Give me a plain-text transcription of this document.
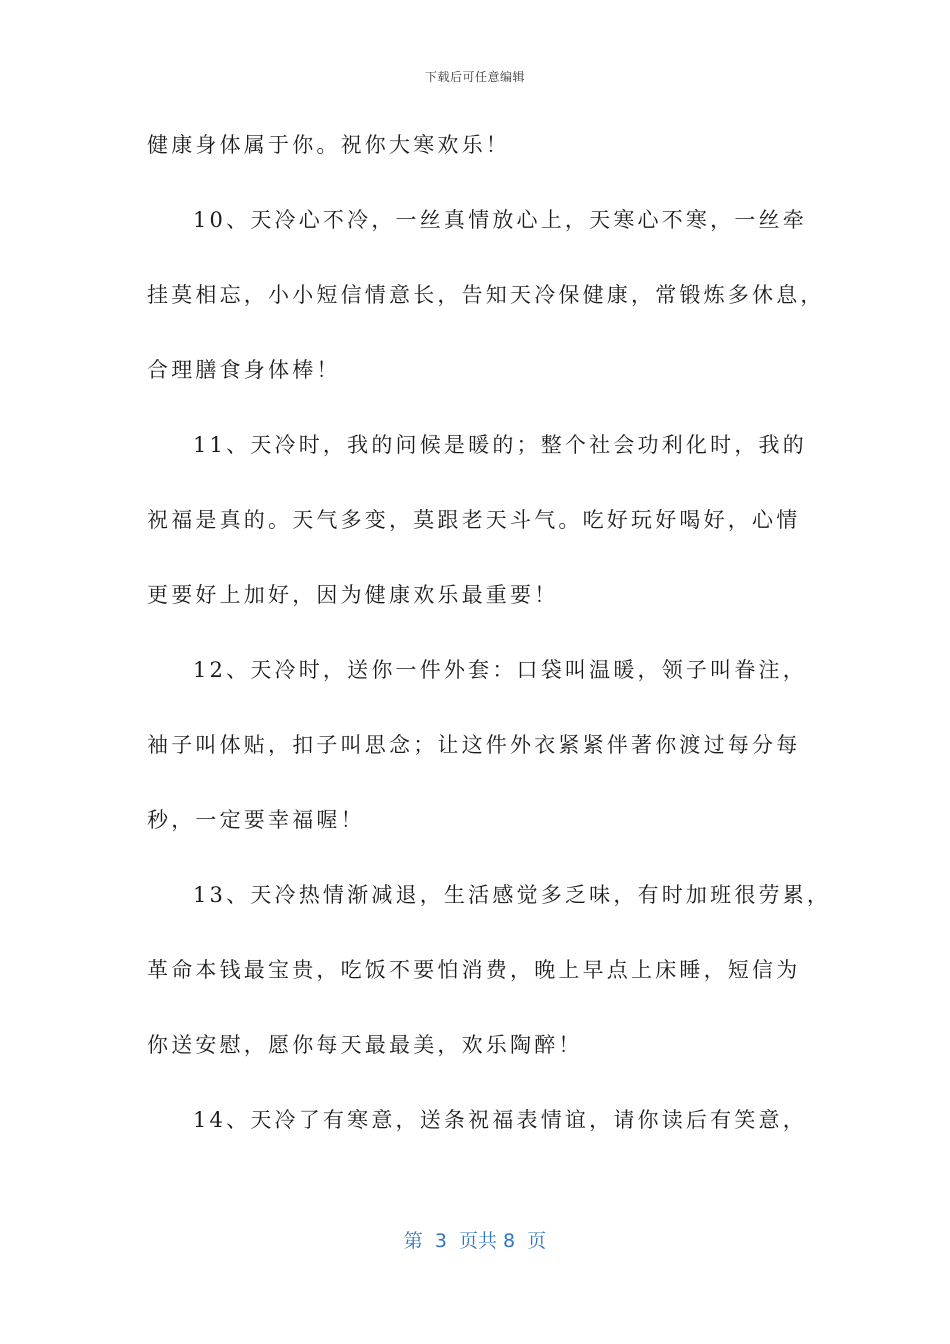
下载后可任意编辑
健康身体属于你。祝你大寒欢乐！
10、天冷心不冷，一丝真情放心上，天寒心不寒，一丝牵
挂莫相忘，小小短信情意长，告知天冷保健康，常锻炼多休息，
合理膳食身体棒！
11、天冷时，我的问候是暖的；整个社会功利化时，我的
祝福是真的。天气多变，莫跟老天斗气。吃好玩好喝好，心情
更要好上加好，因为健康欢乐最重要！
12、天冷时，送你一件外套：口袋叫温暖，领子叫眷注，
袖子叫体贴，扣子叫思念；让这件外衣紧紧伴著你渡过每分每
秒，一定要幸福喔！
13、天冷热情渐减退，生活感觉多乏味，有时加班很劳累，
革命本钱最宝贵，吃饭不要怕消费，晚上早点上床睡，短信为
你送安慰，愿你每天最最美，欢乐陶醉！
14、天冷了有寒意，送条祝福表情谊，请你读后有笑意，
第  3  页共 8  页
